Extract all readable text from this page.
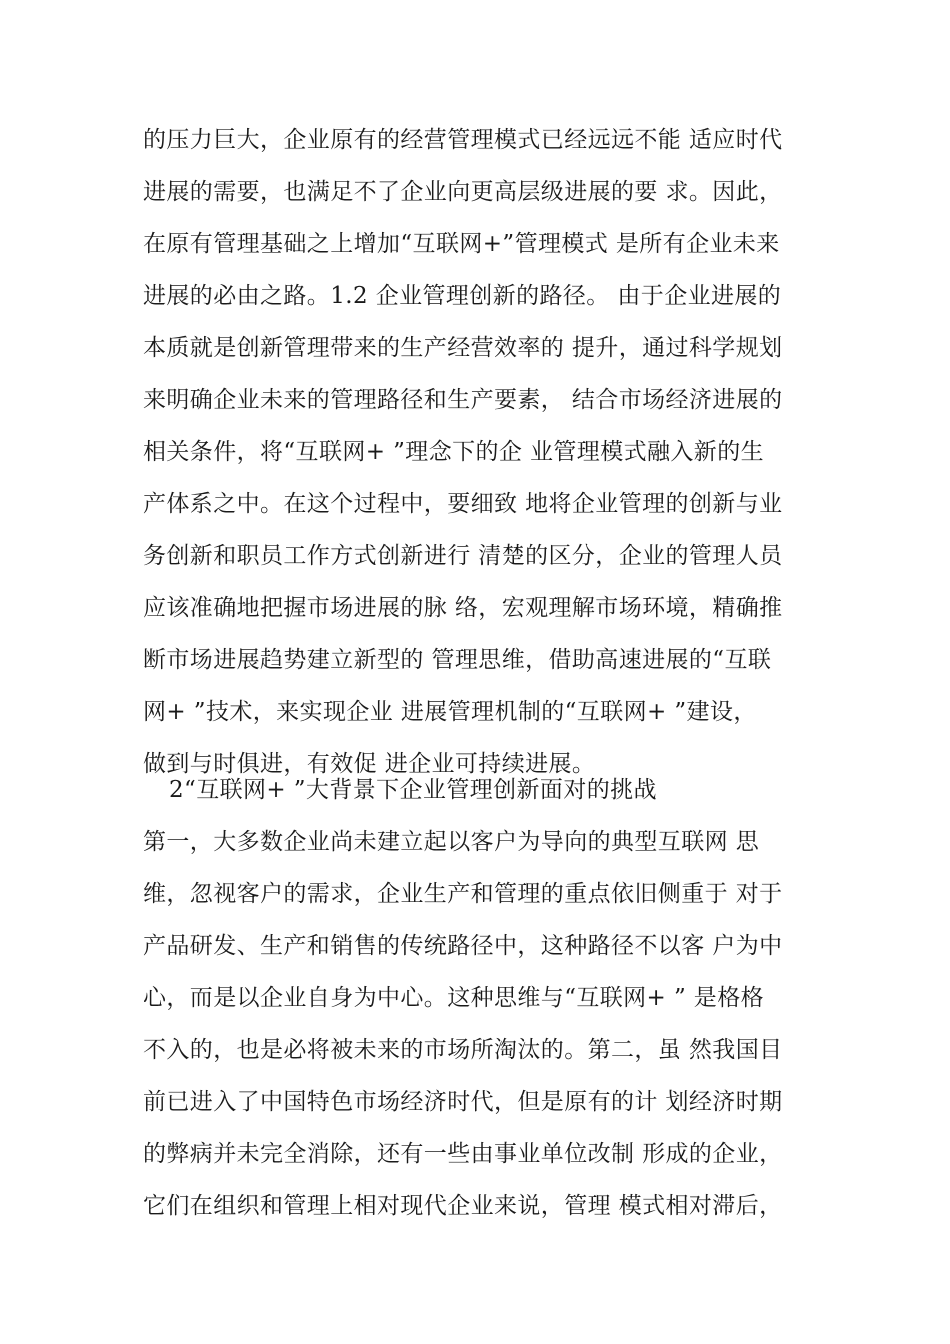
的压力巨大，企业原有的经营管理模式已经远远不能 适应时代
进展的需要，也满足不了企业向更高层级进展的要 求。因此，
在原有管理基础之上增加“互联网+”管理模式 是所有企业未来
进展的必由之路。1.2 企业管理创新的路径。 由于企业进展的
本质就是创新管理带来的生产经营效率的 提升，通过科学规划
来明确企业未来的管理路径和生产要素， 结合市场经济进展的
相关条件，将“互联网+ ”理念下的企 业管理模式融入新的生
产体系之中。在这个过程中，要细致 地将企业管理的创新与业
务创新和职员工作方式创新进行 清楚的区分，企业的管理人员
应该准确地把握市场进展的脉 络，宏观理解市场环境，精确推
断市场进展趋势建立新型的 管理思维，借助高速进展的“互联
网+ ”技术，来实现企业 进展管理机制的“互联网+ ”建设，
做到与时俱进，有效促 进企业可持续进展。
2“互联网+ ”大背景下企业管理创新面对的挑战
第一，大多数企业尚未建立起以客户为导向的典型互联网 思
维，忽视客户的需求，企业生产和管理的重点依旧侧重于 对于
产品研发、生产和销售的传统路径中，这种路径不以客 户为中
心，而是以企业自身为中心。这种思维与“互联网+ ” 是格格
不入的，也是必将被未来的市场所淘汰的。第二，虽 然我国目
前已进入了中国特色市场经济时代，但是原有的计 划经济时期
的弊病并未完全消除，还有一些由事业单位改制 形成的企业，
它们在组织和管理上相对现代企业来说，管理 模式相对滞后，
